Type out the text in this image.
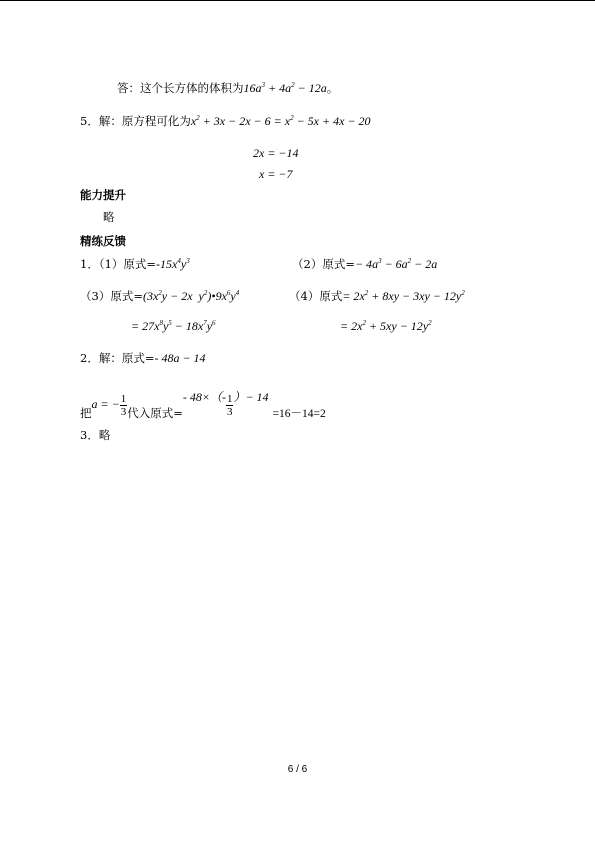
答：这个长方体的体积为$16a^3 + 4a^2 - 12a$。
5．解：原方程可化为$x^2 + 3x - 2x - 6 = x^2 - 5x + 4x - 20$
2x = −14
x = −7
能力提升
略
精练反馈
1．（1）原式$=-15x^4y^3$	（2）原式=− $4a^3 - 6a^2 - 2a$
（3）原式$=(3x^2y - 2x$ $y^2)•9x^6y^4$	（4）原式= $2x^2 + 8xy - 3xy - 12y^2$
= $27x^8y^5 - 18x^7y^6$	= $2x^2 + 5xy - 12y^2$
2．解：原式=- 48a − 14
把a = − $\frac{1}{3}$ 代入原式=- $48\times(- \frac{1}{3}$ ）− 14=16－14=2
3．略
6 / 6
